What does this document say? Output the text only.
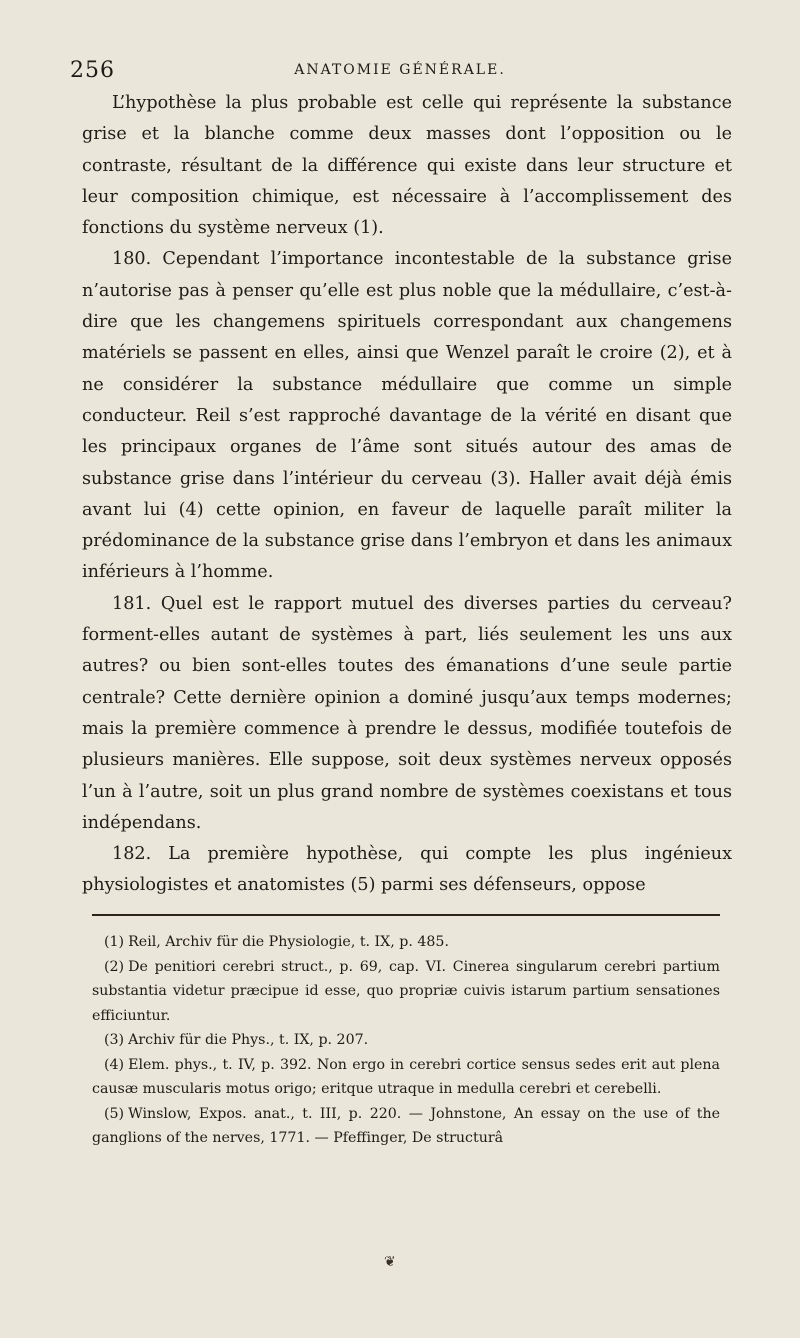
256	ANATOMIE GÉNÉRALE.

L’hypothèse la plus probable est celle qui représente la substance grise et la blanche comme deux masses dont l’opposition ou le contraste, résultant de la différence qui existe dans leur structure et leur composition chimique, est nécessaire à l’accomplissement des fonctions du système nerveux (1).

180. Cependant l’importance incontestable de la substance grise n’autorise pas à penser qu’elle est plus noble que la médullaire, c’est-à-dire que les changemens spirituels correspondant aux changemens matériels se passent en elles, ainsi que Wenzel paraît le croire (2), et à ne considérer la substance médullaire que comme un simple conducteur. Reil s’est rapproché davantage de la vérité en disant que les principaux organes de l’âme sont situés autour des amas de substance grise dans l’intérieur du cerveau (3). Haller avait déjà émis avant lui (4) cette opinion, en faveur de laquelle paraît militer la prédominance de la substance grise dans l’embryon et dans les animaux inférieurs à l’homme.

181. Quel est le rapport mutuel des diverses parties du cerveau? forment-elles autant de systèmes à part, liés seulement les uns aux autres? ou bien sont-elles toutes des émanations d’une seule partie centrale? Cette dernière opinion a dominé jusqu’aux temps modernes; mais la première commence à prendre le dessus, modifiée toutefois de plusieurs manières. Elle suppose, soit deux systèmes nerveux opposés l’un à l’autre, soit un plus grand nombre de systèmes coexistans et tous indépendans.

182. La première hypothèse, qui compte les plus ingénieux physiologistes et anatomistes (5) parmi ses défenseurs, oppose

(1) Reil, Archiv für die Physiologie, t. IX, p. 485.

(2) De penitiori cerebri struct., p. 69, cap. VI. Cinerea singularum cerebri partium substantia videtur præcipue id esse, quo propriæ cuivis istarum partium sensationes efficiuntur.

(3) Archiv für die Phys., t. IX, p. 207.

(4) Elem. phys., t. IV, p. 392. Non ergo in cerebri cortice sensus sedes erit aut plena causæ muscularis motus origo; eritque utraque in medulla cerebri et cerebelli.

(5) Winslow, Expos. anat., t. III, p. 220. — Johnstone, An essay on the use of the ganglions of the nerves, 1771. — Pfeffinger, De structurâ

❦
